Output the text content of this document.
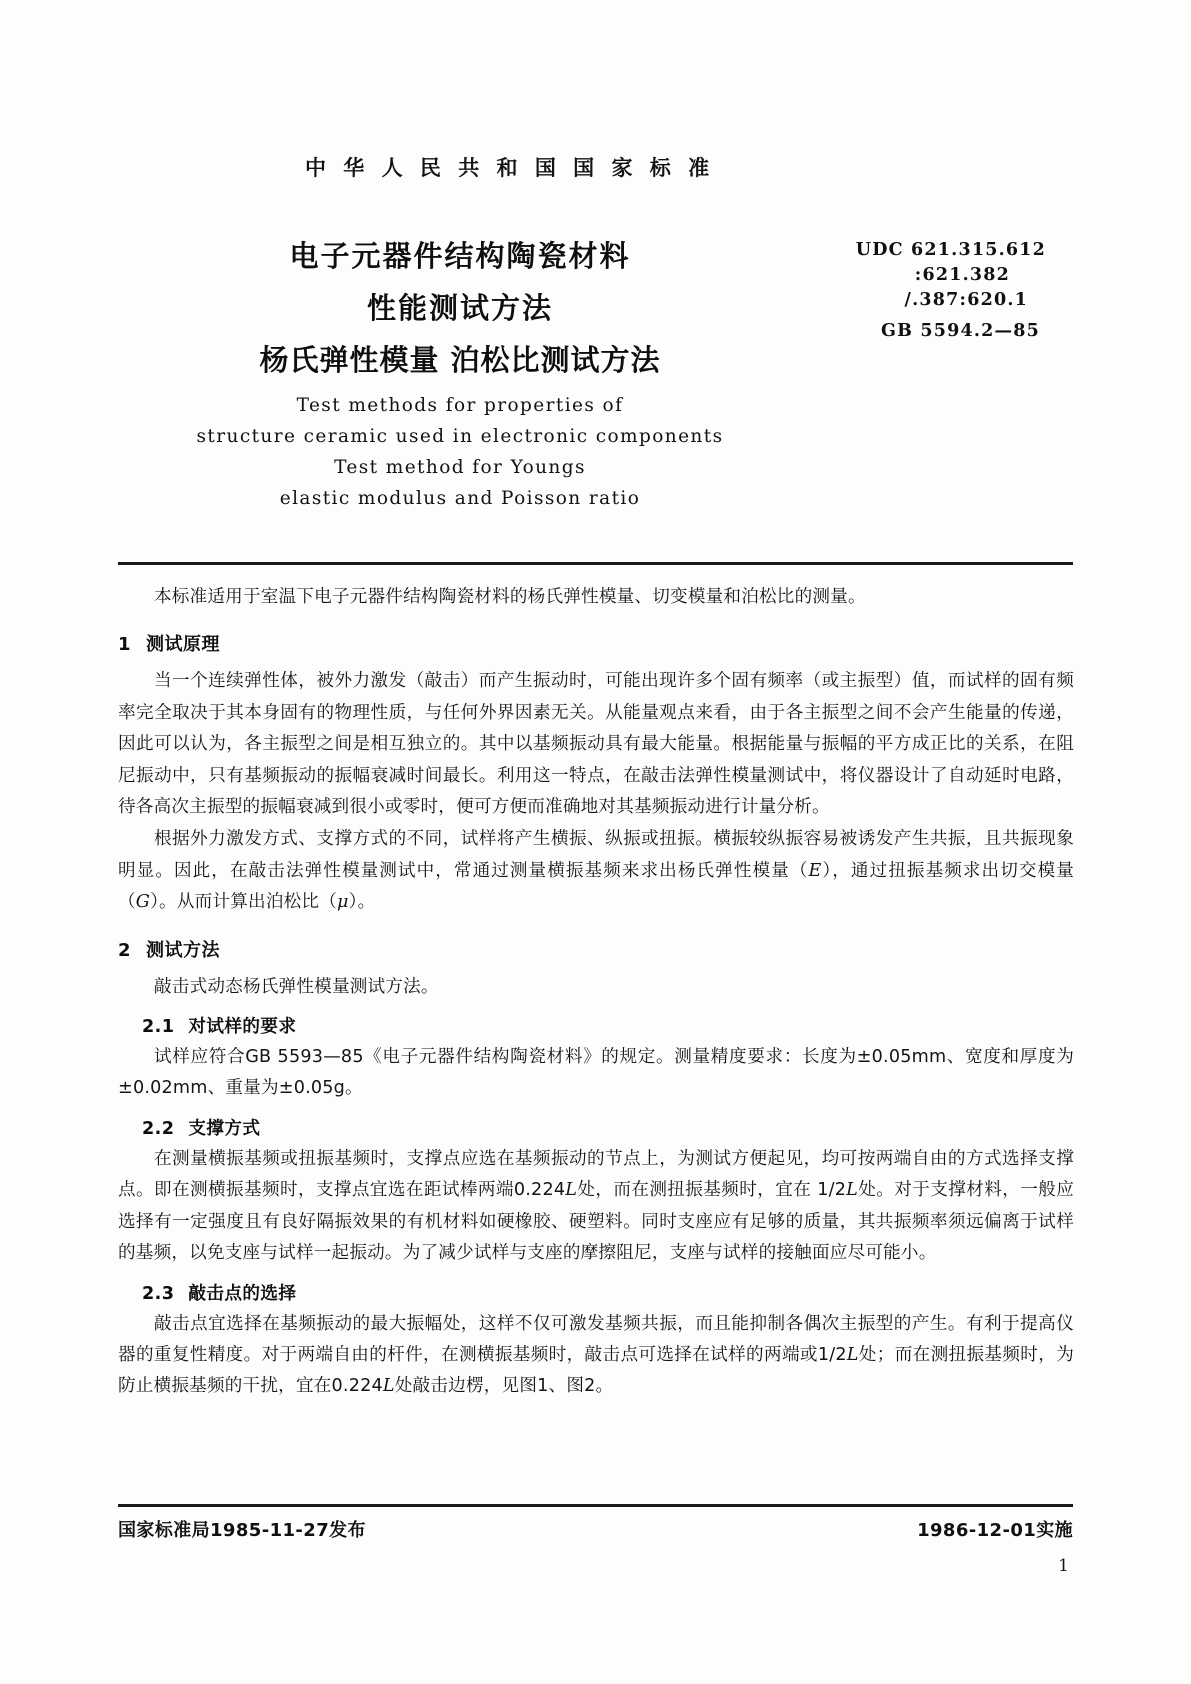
中 华 人 民 共 和 国 国 家 标 准
电子元器件结构陶瓷材料
性能测试方法
杨氏弹性模量 泊松比测试方法
UDC 621.315.612
:621.382
/.387:620.1
GB 5594.2—85
Test methods for properties of
structure ceramic used in electronic components
Test method for Youngs
elastic modulus and Poisson ratio

本标准适用于室温下电子元器件结构陶瓷材料的杨氏弹性模量、切变模量和泊松比的测量。

1 测试原理

当一个连续弹性体，被外力激发（敲击）而产生振动时，可能出现许多个固有频率（或主振型）值，而试样的固有频率完全取决于其本身固有的物理性质，与任何外界因素无关。从能量观点来看，由于各主振型之间不会产生能量的传递，因此可以认为，各主振型之间是相互独立的。其中以基频振动具有最大能量。根据能量与振幅的平方成正比的关系，在阻尼振动中，只有基频振动的振幅衰减时间最长。利用这一特点，在敲击法弹性模量测试中，将仪器设计了自动延时电路，待各高次主振型的振幅衰减到很小或零时，便可方便而准确地对其基频振动进行计量分析。

根据外力激发方式、支撑方式的不同，试样将产生横振、纵振或扭振。横振较纵振容易被诱发产生共振，且共振现象明显。因此，在敲击法弹性模量测试中，常通过测量横振基频来求出杨氏弹性模量（E），通过扭振基频求出切交模量（G）。从而计算出泊松比（μ）。

2 测试方法

敲击式动态杨氏弹性模量测试方法。

2.1 对试样的要求

试样应符合GB 5593—85《电子元器件结构陶瓷材料》的规定。测量精度要求：长度为±0.05mm、宽度和厚度为±0.02mm、重量为±0.05g。

2.2 支撑方式

在测量横振基频或扭振基频时，支撑点应选在基频振动的节点上，为测试方便起见，均可按两端自由的方式选择支撑点。即在测横振基频时，支撑点宜选在距试棒两端0.224L处，而在测扭振基频时，宜在 1/2L处。对于支撑材料，一般应选择有一定强度且有良好隔振效果的有机材料如硬橡胶、硬塑料。同时支座应有足够的质量，其共振频率须远偏离于试样的基频，以免支座与试样一起振动。为了减少试样与支座的摩擦阻尼，支座与试样的接触面应尽可能小。

2.3 敲击点的选择

敲击点宜选择在基频振动的最大振幅处，这样不仅可激发基频共振，而且能抑制各偶次主振型的产生。有利于提高仪器的重复性精度。对于两端自由的杆件，在测横振基频时，敲击点可选择在试样的两端或1/2L处；而在测扭振基频时，为防止横振基频的干扰，宜在0.224L处敲击边楞，见图1、图2。

国家标准局1985-11-27发布	1986-12-01实施
1
